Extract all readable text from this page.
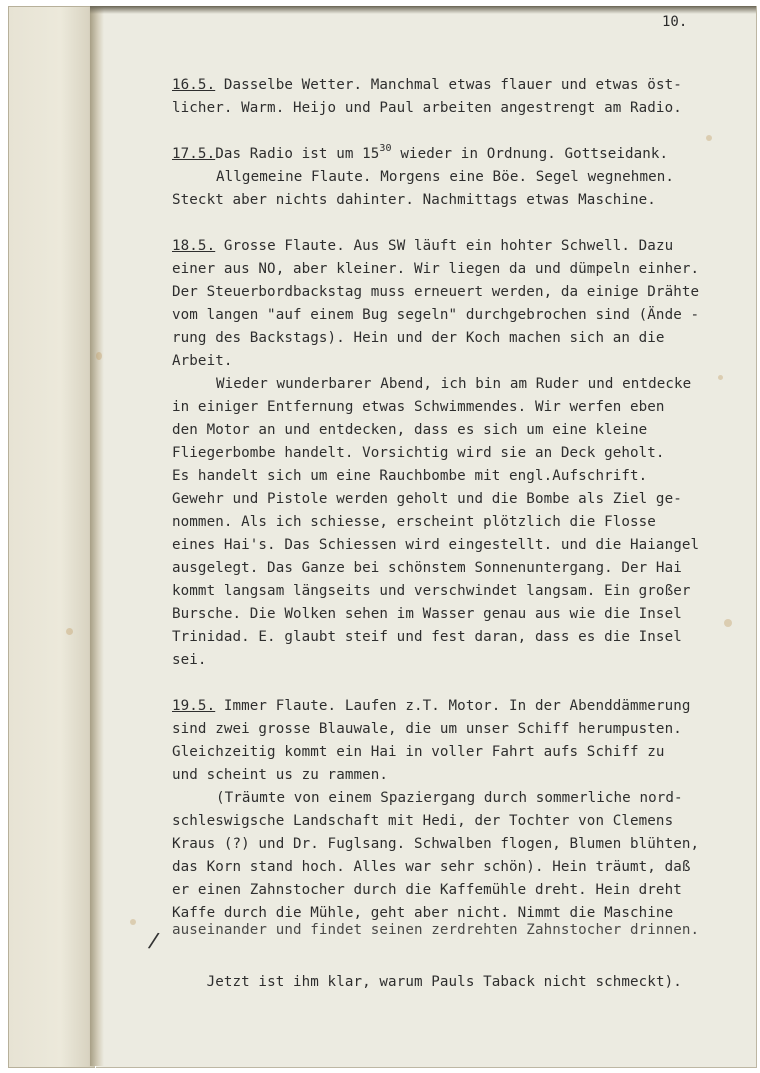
10.
16.5. Dasselbe Wetter. Manchmal etwas flauer und etwas öst-
licher. Warm. Heijo und Paul arbeiten angestrengt am Radio.
17.5.Das Radio ist um $15^{30}$ wieder in Ordnung. Gottseidank.
Allgemeine Flaute. Morgens eine Böe. Segel wegnehmen.
Steckt aber nichts dahinter. Nachmittags etwas Maschine.
18.5. Grosse Flaute. Aus SW läuft ein hohter Schwell. Dazu
einer aus NO, aber kleiner. Wir liegen da und dümpeln einher.
Der Steuerbordbackstag muss erneuert werden, da einige Drähte
vom langen "auf einem Bug segeln" durchgebrochen sind (Ände -
rung des Backstags). Hein und der Koch machen sich an die
Arbeit.
Wieder wunderbarer Abend, ich bin am Ruder und entdecke
in einiger Entfernung etwas Schwimmendes. Wir werfen eben
den Motor an und entdecken, dass es sich um eine kleine
Fliegerbombe handelt. Vorsichtig wird sie an Deck geholt.
Es handelt sich um eine Rauchbombe mit engl.Aufschrift.
Gewehr und Pistole werden geholt und die Bombe als Ziel ge-
nommen. Als ich schiesse, erscheint plötzlich die Flosse
eines Hai's. Das Schiessen wird eingestellt. und die Haiangel
ausgelegt. Das Ganze bei schönstem Sonnenuntergang. Der Hai
kommt langsam längseits und verschwindet langsam. Ein großer
Bursche. Die Wolken sehen im Wasser genau aus wie die Insel
Trinidad. E. glaubt steif und fest daran, dass es die Insel
sei.
19.5. Immer Flaute. Laufen z.T. Motor. In der Abenddämmerung
sind zwei grosse Blauwale, die um unser Schiff herumpusten.
Gleichzeitig kommt ein Hai in voller Fahrt aufs Schiff zu
und scheint us zu rammen.
(Träumte von einem Spaziergang durch sommerliche nord-
schleswigsche Landschaft mit Hedi, der Tochter von Clemens
Kraus (?) und Dr. Fuglsang. Schwalben flogen, Blumen blühten,
das Korn stand hoch. Alles war sehr schön). Hein träumt, daß
er einen Zahnstocher durch die Kaffemühle dreht. Hein dreht
Kaffe durch die Mühle, geht aber nicht. Nimmt die Maschine

auseinander und findet seinen zerdrehten Zahnstocher drinnen.

Jetzt ist ihm klar, warum Pauls Taback nicht schmeckt).

/
